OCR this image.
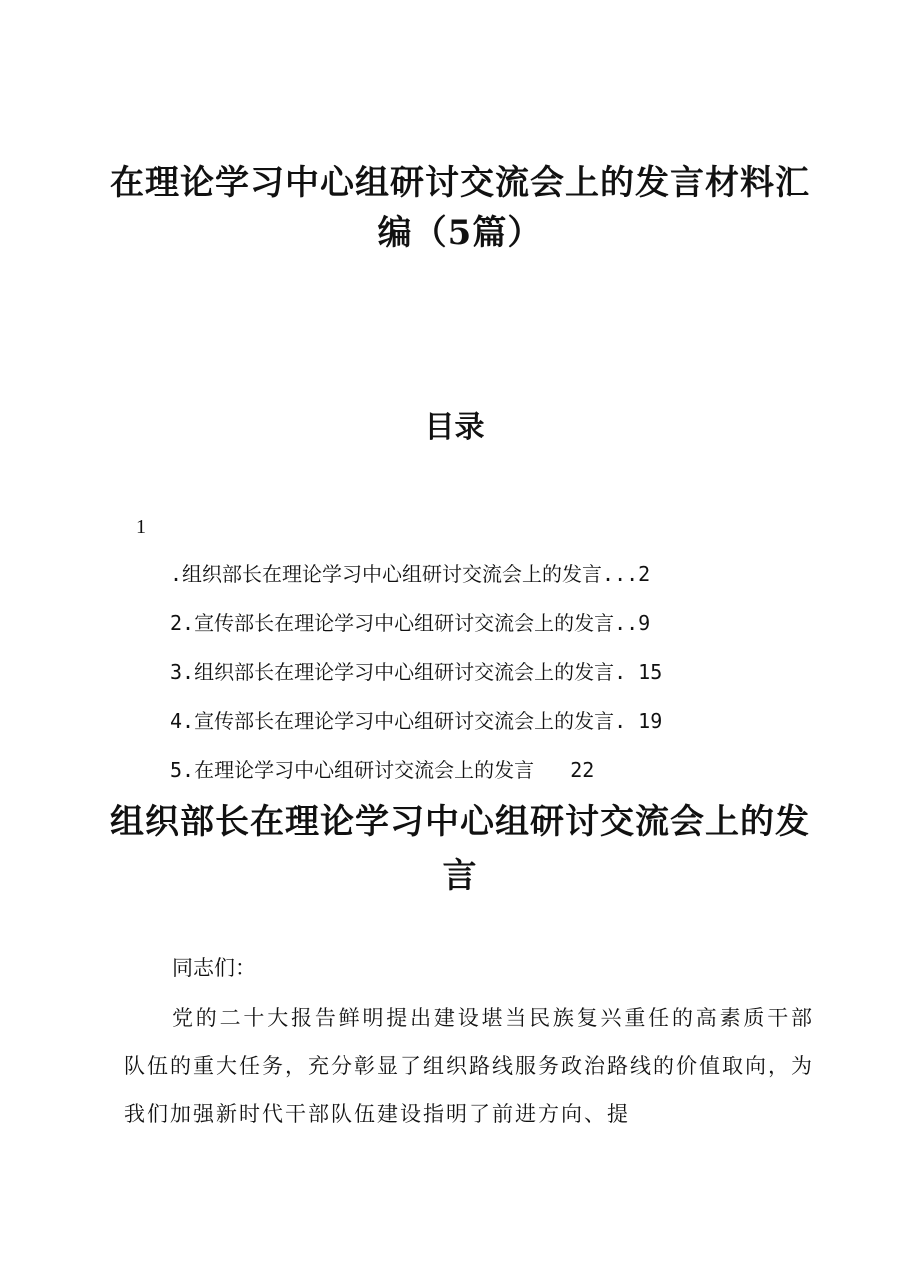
在理论学习中心组研讨交流会上的发言材料汇编（5篇）
目录
1
.组织部长在理论学习中心组研讨交流会上的发言...2
2.宣传部长在理论学习中心组研讨交流会上的发言..9
3.组织部长在理论学习中心组研讨交流会上的发言. 15
4.宣传部长在理论学习中心组研讨交流会上的发言. 19
5.在理论学习中心组研讨交流会上的发言   22
组织部长在理论学习中心组研讨交流会上的发言
同志们：

党的二十大报告鲜明提出建设堪当民族复兴重任的高素质干部队伍的重大任务，充分彰显了组织路线服务政治路线的价值取向，为我们加强新时代干部队伍建设指明了前进方向、提
